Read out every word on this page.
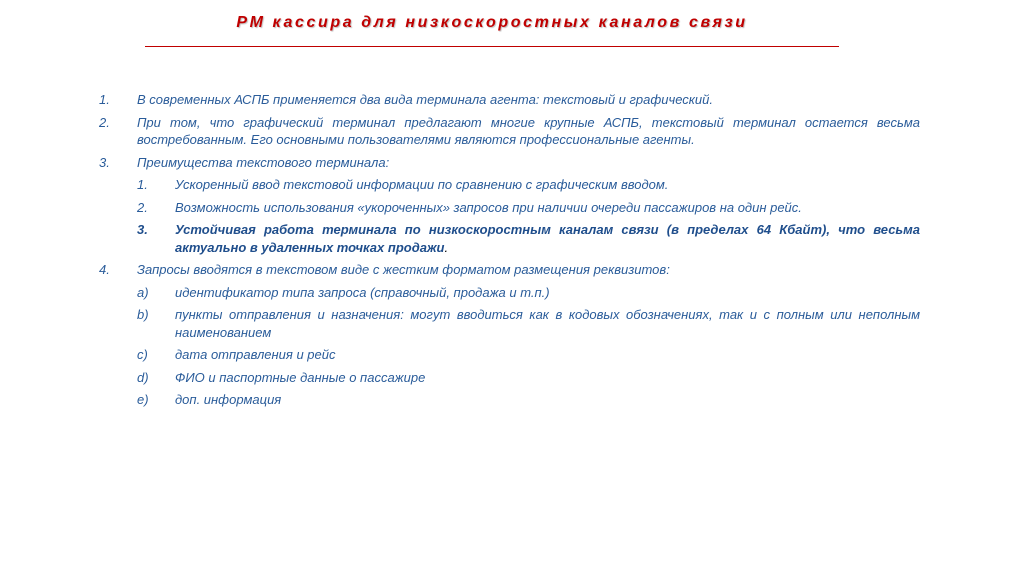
РМ кассира для низкоскоростных каналов связи
1.	В современных АСПБ применяется два вида терминала агента: текстовый и графический.
2.	При том, что графический терминал предлагают многие крупные АСПБ, текстовый терминал остается весьма востребованным. Его основными пользователями являются профессиональные агенты.
3.	Преимущества текстового терминала:
1.	Ускоренный ввод текстовой информации по сравнению с графическим вводом.
2.	Возможность использования «укороченных» запросов при наличии очереди пассажиров на один рейс.
3.	Устойчивая работа терминала по низкоскоростным каналам связи (в пределах 64 Кбайт), что весьма актуально в удаленных точках продажи.
4.	Запросы вводятся в текстовом виде с жестким форматом размещения реквизитов:
a)	идентификатор типа запроса (справочный, продажа и т.п.)
b)	пункты отправления и назначения: могут вводиться как в кодовых обозначениях, так и с полным или неполным наименованием
c)	дата отправления и рейс
d)	ФИО и паспортные данные о пассажире
e)	доп. информация
